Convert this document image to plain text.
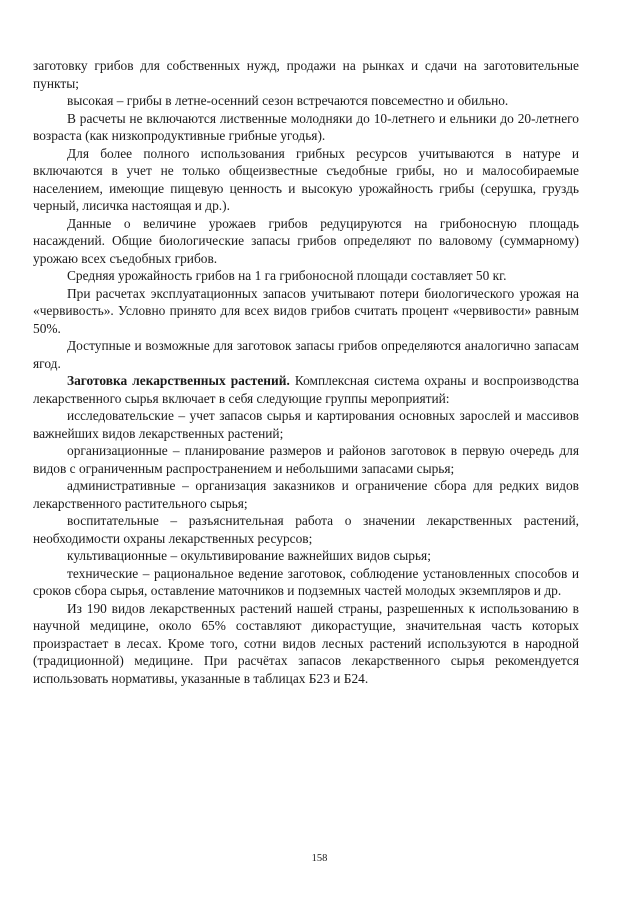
заготовку грибов для собственных нужд, продажи на рынках и сдачи на заготовительные пункты;

высокая – грибы в летне-осенний сезон встречаются повсеместно и обильно.

В расчеты не включаются лиственные молодняки до 10-летнего и ельники до 20-летнего возраста (как низкопродуктивные грибные угодья).

Для более полного использования грибных ресурсов учитываются в натуре и включаются в учет не только общеизвестные съедобные грибы, но и малособираемые населением, имеющие пищевую ценность и высокую урожайность грибы (серушка, груздь черный, лисичка настоящая и др.).

Данные о величине урожаев грибов редуцируются на грибоносную площадь насаждений. Общие биологические запасы грибов определяют по валовому (суммарному) урожаю всех съедобных грибов.

Средняя урожайность грибов на 1 га грибоносной площади составляет 50 кг.

При расчетах эксплуатационных запасов учитывают потери биологического урожая на «червивость». Условно принято для всех видов грибов считать процент «червивости» равным 50%.

Доступные и возможные для заготовок запасы грибов определяются аналогично запасам ягод.

Заготовка лекарственных растений. Комплексная система охраны и воспроизводства лекарственного сырья включает в себя следующие группы мероприятий:

исследовательские – учет запасов сырья и картирования основных зарослей и массивов важнейших видов лекарственных растений;

организационные – планирование размеров и районов заготовок в первую очередь для видов с ограниченным распространением и небольшими запасами сырья;

административные – организация заказников и ограничение сбора для редких видов лекарственного растительного сырья;

воспитательные – разъяснительная работа о значении лекарственных растений, необходимости охраны лекарственных ресурсов;

культивационные – окультивирование важнейших видов сырья;

технические – рациональное ведение заготовок, соблюдение установленных способов и сроков сбора сырья, оставление маточников и подземных частей молодых экземпляров и др.

Из 190 видов лекарственных растений нашей страны, разрешенных к использованию в научной медицине, около 65% составляют дикорастущие, значительная часть которых произрастает в лесах. Кроме того, сотни видов лесных растений используются в народной (традиционной) медицине. При расчётах запасов лекарственного сырья рекомендуется использовать нормативы, указанные в таблицах Б23 и Б24.

158
